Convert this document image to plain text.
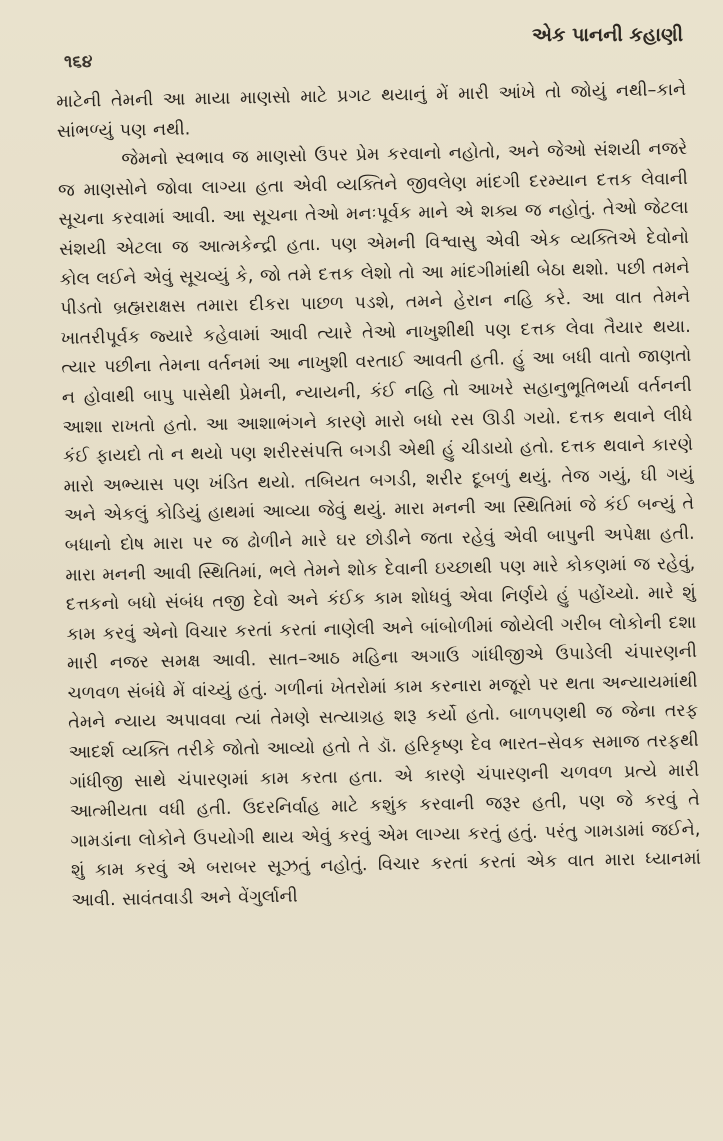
૧૬૪
એક પાનની કહાણી

માટેની તેમની આ માયા માણસો માટે પ્રગટ થયાનું મેં મારી આંખે તો જોયું નથી–કાને સાંભળ્યું પણ નથી.

જેમનો સ્વભાવ જ માણસો ઉપર પ્રેમ કરવાનો નહોતો, અને જેઓ સંશયી નજરે જ માણસોને જોવા લાગ્યા હતા એવી વ્યક્તિને જીવલેણ માંદગી દરમ્યાન દત્તક લેવાની સૂચના કરવામાં આવી. આ સૂચના તેઓ મનઃપૂર્વક માને એ શક્ય જ નહોતું. તેઓ જેટલા સંશયી એટલા જ આત્મકેન્દ્રી હતા. પણ એમની વિશ્વાસુ એવી એક વ્યક્તિએ દેવોનો કોલ લઈને એવું સૂચવ્યું કે, જો તમે દત્તક લેશો તો આ માંદગીમાંથી બેઠા થશો. પછી તમને પીડતો બ્રહ્મરાક્ષસ તમારા દીકરા પાછળ પડશે, તમને હેરાન નહિ કરે. આ વાત તેમને ખાતરીપૂર્વક જ્યારે કહેવામાં આવી ત્યારે તેઓ નાખુશીથી પણ દત્તક લેવા તૈયાર થયા. ત્યાર પછીના તેમના વર્તનમાં આ નાખુશી વરતાઈ આવતી હતી. હું આ બધી વાતો જાણતો ન હોવાથી બાપુ પાસેથી પ્રેમની, ન્યાયની, કંઈ નહિ તો આખરે સહાનુભૂતિભર્યા વર્તનની આશા રાખતો હતો. આ આશાભંગને કારણે મારો બધો રસ ઊડી ગયો. દત્તક થવાને લીધે કંઈ ફાયદો તો ન થયો પણ શરીરસંપત્તિ બગડી એથી હું ચીડાયો હતો. દત્તક થવાને કારણે મારો અભ્યાસ પણ ખંડિત થયો. તબિયત બગડી, શરીર દૂબળું થયું. તેજ ગયું, ઘી ગયું અને એકલું કોડિયું હાથમાં આવ્યા જેવું થયું. મારા મનની આ સ્થિતિમાં જે કંઈ બન્યું તે બધાનો દોષ મારા પર જ ઢોળીને મારે ઘર છોડીને જતા રહેવું એવી બાપુની અપેક્ષા હતી. મારા મનની આવી સ્થિતિમાં, ભલે તેમને શોક દેવાની ઇચ્છાથી પણ મારે કોકણમાં જ રહેવું, દત્તકનો બધો સંબંધ તજી દેવો અને કંઈક કામ શોધવું એવા નિર્ણયે હું પહોંચ્યો. મારે શું કામ કરવું એનો વિચાર કરતાં કરતાં નાણેલી અને બાંબોળીમાં જોયેલી ગરીબ લોકોની દશા મારી નજર સમક્ષ આવી. સાત–આઠ મહિના અગાઉ ગાંધીજીએ ઉપાડેલી ચંપારણની ચળવળ સંબંધે મેં વાંચ્યું હતું. ગળીનાં ખેતરોમાં કામ કરનારા મજૂરો પર થતા અન્યાયમાંથી તેમને ન્યાય અપાવવા ત્યાં તેમણે સત્યાગ્રહ શરૂ કર્યો હતો. બાળપણથી જ જેના તરફ આદર્શ વ્યક્તિ તરીકે જોતો આવ્યો હતો તે ડૉ. હરિકૃષ્ણ દેવ ભારત–સેવક સમાજ તરફથી ગાંધીજી સાથે ચંપારણમાં કામ કરતા હતા. એ કારણે ચંપારણની ચળવળ પ્રત્યે મારી આત્મીયતા વધી હતી. ઉદરનિર્વાહ માટે કશુંક કરવાની જરૂર હતી, પણ જે કરવું તે ગામડાંના લોકોને ઉપયોગી થાય એવું કરવું એમ લાગ્યા કરતું હતું. પરંતુ ગામડામાં જઈને, શું કામ કરવું એ બરાબર સૂઝતું નહોતું. વિચાર કરતાં કરતાં એક વાત મારા ધ્યાનમાં આવી. સાવંતવાડી અને વેંગુર્લાની
